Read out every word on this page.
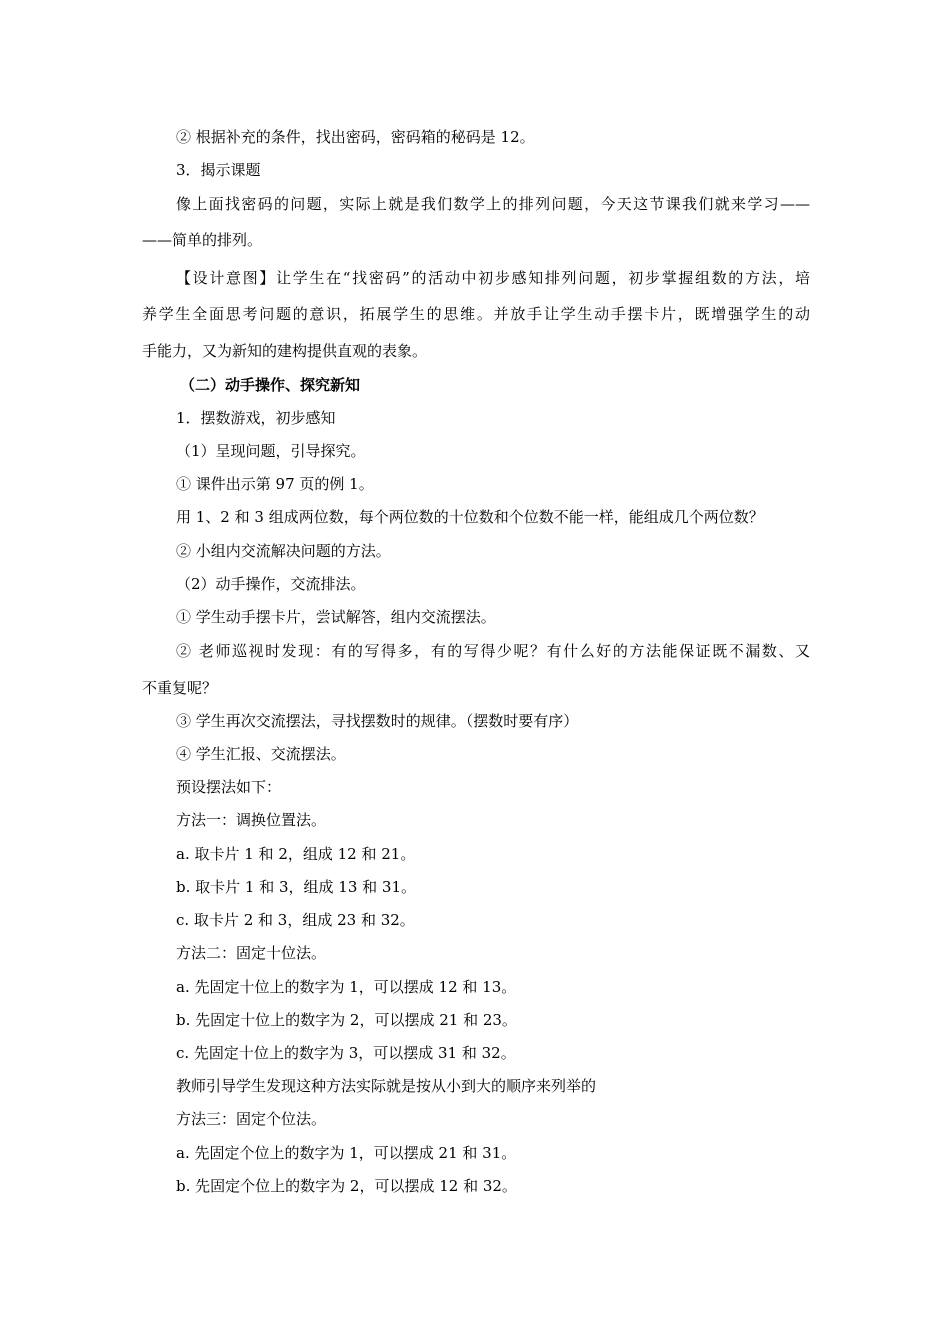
② 根据补充的条件，找出密码，密码箱的秘码是 12。
3．揭示课题
像上面找密码的问题，实际上就是我们数学上的排列问题，今天这节课我们就来学习——
——简单的排列。
【设计意图】让学生在“找密码”的活动中初步感知排列问题，初步掌握组数的方法，培
养学生全面思考问题的意识，拓展学生的思维。并放手让学生动手摆卡片，既增强学生的动
手能力，又为新知的建构提供直观的表象。
（二）动手操作、探究新知
1．摆数游戏，初步感知
（1）呈现问题，引导探究。
① 课件出示第 97 页的例 1。
用 1、2 和 3 组成两位数，每个两位数的十位数和个位数不能一样，能组成几个两位数？
② 小组内交流解决问题的方法。
（2）动手操作，交流排法。
① 学生动手摆卡片，尝试解答，组内交流摆法。
② 老师巡视时发现：有的写得多，有的写得少呢？有什么好的方法能保证既不漏数、又
不重复呢？
③ 学生再次交流摆法，寻找摆数时的规律。（摆数时要有序）
④ 学生汇报、交流摆法。
预设摆法如下：
方法一：调换位置法。
a. 取卡片 1 和 2，组成 12 和 21。
b. 取卡片 1 和 3，组成 13 和 31。
c. 取卡片 2 和 3，组成 23 和 32。
方法二：固定十位法。
a. 先固定十位上的数字为 1，可以摆成 12 和 13。
b. 先固定十位上的数字为 2，可以摆成 21 和 23。
c. 先固定十位上的数字为 3，可以摆成 31 和 32。
教师引导学生发现这种方法实际就是按从小到大的顺序来列举的
方法三：固定个位法。
a. 先固定个位上的数字为 1，可以摆成 21 和 31。
b. 先固定个位上的数字为 2，可以摆成 12 和 32。
